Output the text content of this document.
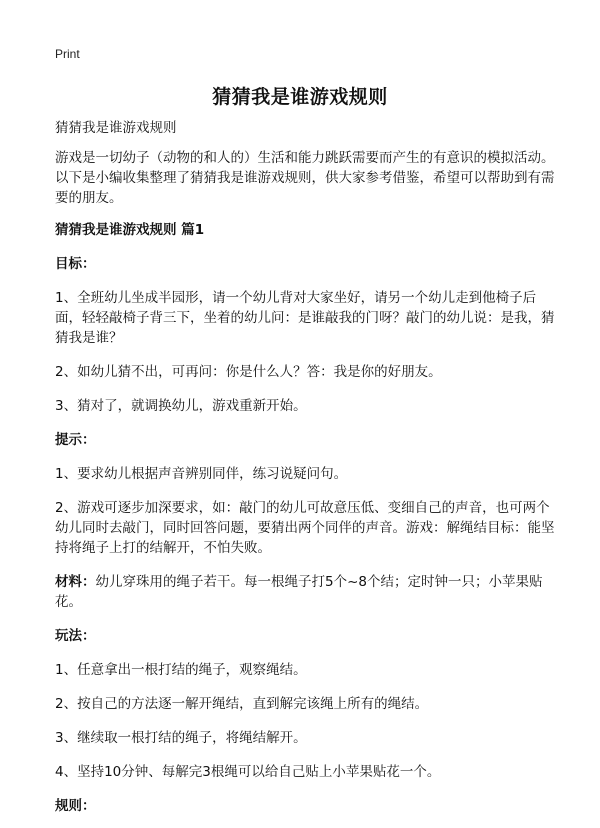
Print
猜猜我是谁游戏规则

猜猜我是谁游戏规则

游戏是一切幼子（动物的和人的）生活和能力跳跃需要而产生的有意识的模拟活动。以下是小编收集整理了猜猜我是谁游戏规则，供大家参考借鉴，希望可以帮助到有需要的朋友。

猜猜我是谁游戏规则 篇1

目标：

1、全班幼儿坐成半园形，请一个幼儿背对大家坐好，请另一个幼儿走到他椅子后面，轻轻敲椅子背三下，坐着的幼儿问：是谁敲我的门呀？敲门的幼儿说：是我，猜猜我是谁？

2、如幼儿猜不出，可再问：你是什么人？答：我是你的好朋友。

3、猜对了，就调换幼儿，游戏重新开始。

提示：

1、要求幼儿根据声音辨别同伴，练习说疑问句。

2、游戏可逐步加深要求，如：敲门的幼儿可故意压低、变细自己的声音，也可两个幼儿同时去敲门，同时回答问题，要猜出两个同伴的声音。游戏：解绳结目标：能坚持将绳子上打的结解开，不怕失败。

材料：幼儿穿珠用的绳子若干。每一根绳子打5个~8个结；定时钟一只；小苹果贴花。

玩法：

1、任意拿出一根打结的绳子，观察绳结。

2、按自己的方法逐一解开绳结，直到解完该绳上所有的绳结。

3、继续取一根打结的绳子，将绳结解开。

4、坚持10分钟、每解完3根绳可以给自己贴上小苹果贴花一个。

规则：
